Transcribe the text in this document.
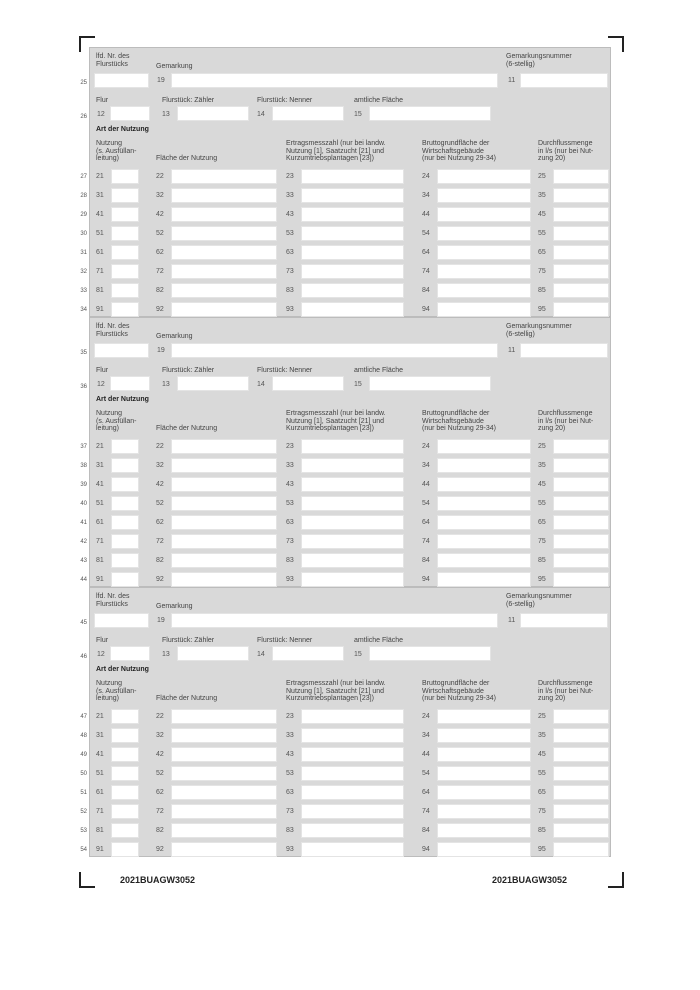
lfd. Nr. des
Flurstücks	Gemarkung
Gemarkungsnummer
(6-stellig)
19	11
Flur	Flurstück: Zähler	Flurstück: Nenner	amtliche Fläche
12	13	14	15
Art der Nutzung
Nutzung
(s. Ausfüllan-
leitung)	Fläche der Nutzung
Ertragsmesszahl (nur bei landw.
Nutzung [1], Saatzucht [21] und
Kurzumtriebsplantagen [23])
Bruttogrundfläche der
Wirtschaftsgebäude
(nur bei Nutzung 29-34)
Durchflussmenge
in l/s (nur bei Nut-
zung 20)
21	22	23	24	25
31	32	33	34	35
41	42	43	44	45
51	52	53	54	55
61	62	63	64	65
71	72	73	74	75
81	82	83	84	85
91	92	93	94	95
25
26
27
28
29
30
31
32
33
34
lfd. Nr. des
Flurstücks	Gemarkung
Gemarkungsnummer
(6-stellig)
19	11
Flur	Flurstück: Zähler	Flurstück: Nenner	amtliche Fläche
12	13	14	15
Art der Nutzung
Nutzung
(s. Ausfüllan-
leitung)	Fläche der Nutzung
Ertragsmesszahl (nur bei landw.
Nutzung [1], Saatzucht [21] und
Kurzumtriebsplantagen [23])
Bruttogrundfläche der
Wirtschaftsgebäude
(nur bei Nutzung 29-34)
Durchflussmenge
in l/s (nur bei Nut-
zung 20)
21	22	23	24	25
31	32	33	34	35
41	42	43	44	45
51	52	53	54	55
61	62	63	64	65
71	72	73	74	75
81	82	83	84	85
91	92	93	94	95
35
36
37
38
39
40
41
42
43
44
lfd. Nr. des
Flurstücks	Gemarkung
Gemarkungsnummer
(6-stellig)
19	11
Flur	Flurstück: Zähler	Flurstück: Nenner	amtliche Fläche
12	13	14	15
Art der Nutzung
Nutzung
(s. Ausfüllan-
leitung)	Fläche der Nutzung
Ertragsmesszahl (nur bei landw.
Nutzung [1], Saatzucht [21] und
Kurzumtriebsplantagen [23])
Bruttogrundfläche der
Wirtschaftsgebäude
(nur bei Nutzung 29-34)
Durchflussmenge
in l/s (nur bei Nut-
zung 20)
21	22	23	24	25
31	32	33	34	35
41	42	43	44	45
51	52	53	54	55
61	62	63	64	65
71	72	73	74	75
81	82	83	84	85
91	92	93	94	95
45
46
47
48
49
50
51
52
53
54
2021BUAGW3052	2021BUAGW3052
